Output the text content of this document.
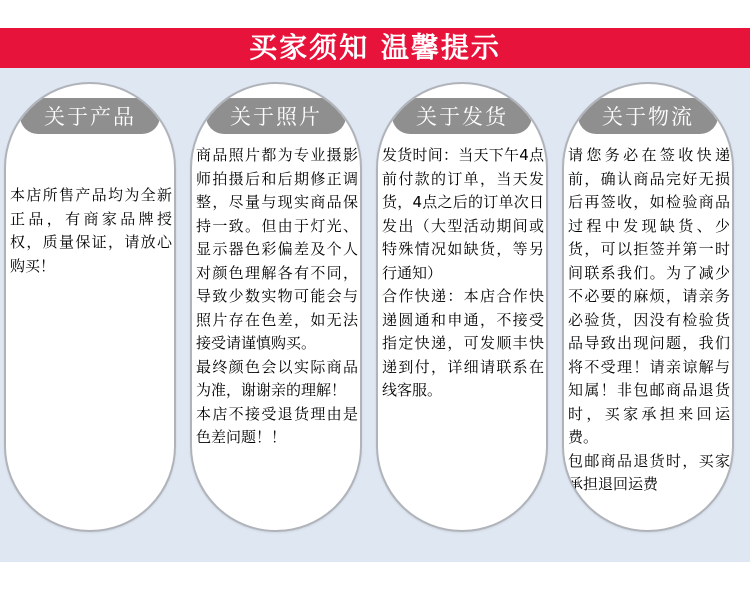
买家须知 温馨提示
关于产品

本店所售产品均为全新正品，有商家品牌授权，质量保证，请放心购买！

关于照片

商品照片都为专业摄影师拍摄后和后期修正调整，尽量与现实商品保持一致。但由于灯光、显示器色彩偏差及个人对颜色理解各有不同，导致少数实物可能会与照片存在色差，如无法接受请谨慎购买。

最终颜色会以实际商品为准，谢谢亲的理解！

本店不接受退货理由是色差问题！！

关于发货

发货时间：当天下午4点前付款的订单，当天发货，4点之后的订单次日发出（大型活动期间或特殊情况如缺货，等另行通知）

合作快递：本店合作快递圆通和申通，不接受指定快递，可发顺丰快递到付，详细请联系在线客服。

关于物流

请您务必在签收快递前，确认商品完好无损后再签收，如检验商品过程中发现缺货、少货，可以拒签并第一时间联系我们。为了减少不必要的麻烦，请亲务必验货，因没有检验货品导致出现问题，我们将不受理！请亲谅解与知属！非包邮商品退货时，买家承担来回运费。

包邮商品退货时，买家承担退回运费
